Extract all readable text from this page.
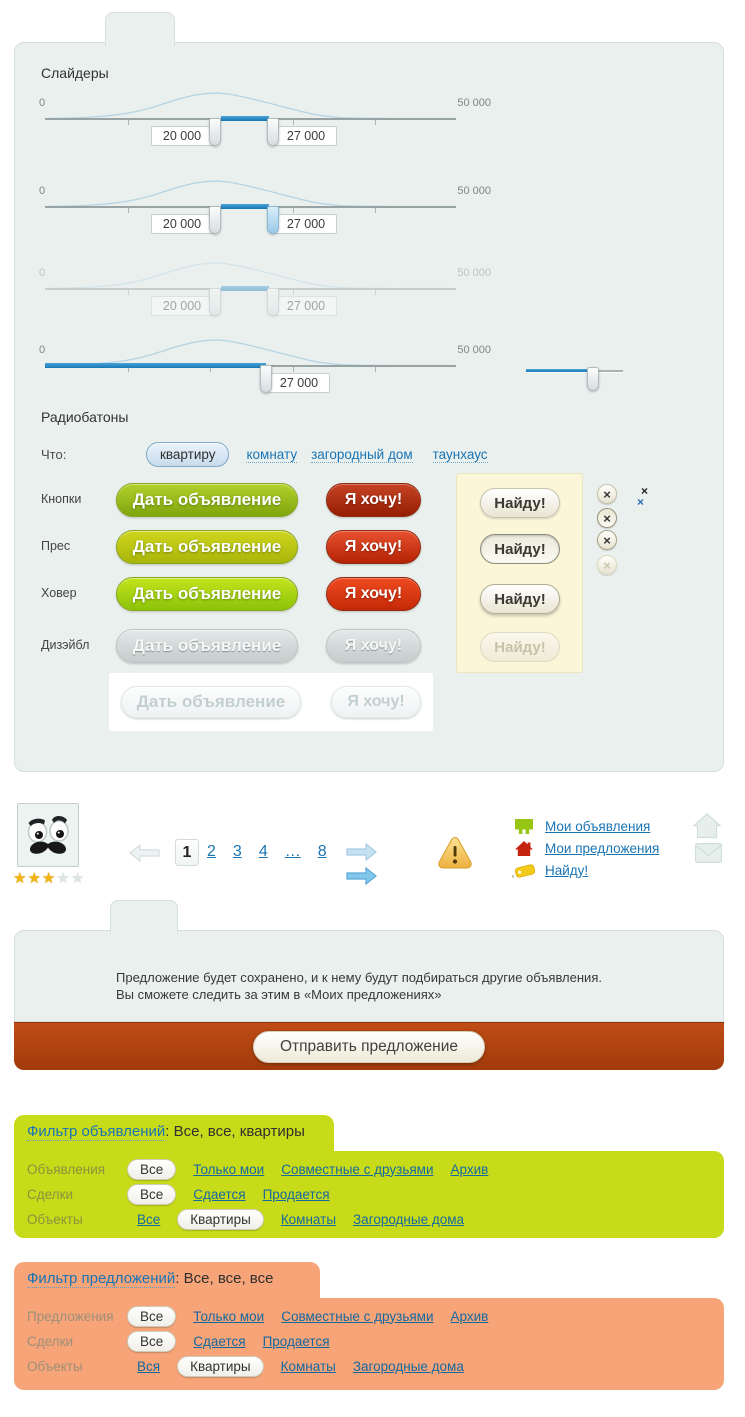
Слайдеры
0	50 000
20 000
27 000
0	50 000
20 000
27 000
0	50 000
20 000
27 000
0	50 000
27 000
Радиобатоны
Что:	квартиру	комнату загородный дом таунхаус
Кнопки	Дать объявление	Я хочу!
Прес	Дать объявление	Я хочу!
Ховер	Дать объявление	Я хочу!
Дизэйбл	Дать объявление	Я хочу!
Дать объявление	Я хочу!
Найду!
Найду!
Найду!
Найду!
×
×
×
×
×
×
★★★★★
1 2 3 4 … 8
Мои объявления
Мои предложения
Найду!
Предложение будет сохранено, и к нему будут подбираться другие объявления.
Вы сможете следить за этим в «Моих предложениях»
Отправить предложение
Фильтр объявлений: Все, все, квартиры
Объявления	Все	Только мои Совместные с друзьями Архив
Сделки	Все	Сдается Продается
Объекты	Все	Квартиры	Комнаты Загородные дома
Фильтр предложений: Все, все, все
Предложения	Все	Только мои Совместные с друзьями Архив
Сделки	Все	Сдается Продается
Объекты	Вся	Квартиры	Комнаты Загородные дома
